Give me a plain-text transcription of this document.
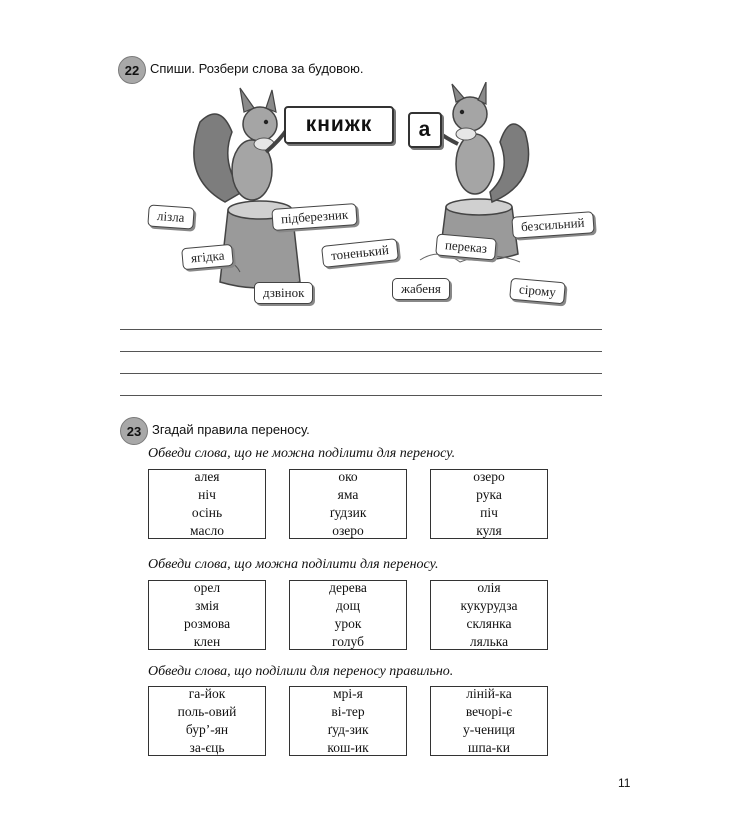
22 Спиши. Розбери слова за будовою.
книжк а
лізла	підберезник
ягідка	тоненький
дзвінок
безсильний
переказ
жабеня	сірому
23 Згадай правила переносу.
Обведи слова, що не можна поділити для переносу.
алея
ніч
осінь
масло
око
яма
ґудзик
озеро
озеро
рука
піч
куля
Обведи слова, що можна поділити для переносу.
орел
змія
розмова
клен
дерева
дощ
урок
голуб
олія
кукурудза
склянка
лялька
Обведи слова, що поділили для переносу правильно.
га-йок
поль-овий
бур’-ян
за-єць
мрі-я
ві-тер
ґуд-зик
кош-ик
ліній-ка
вечорі-є
у-чениця
шпа-ки
11
